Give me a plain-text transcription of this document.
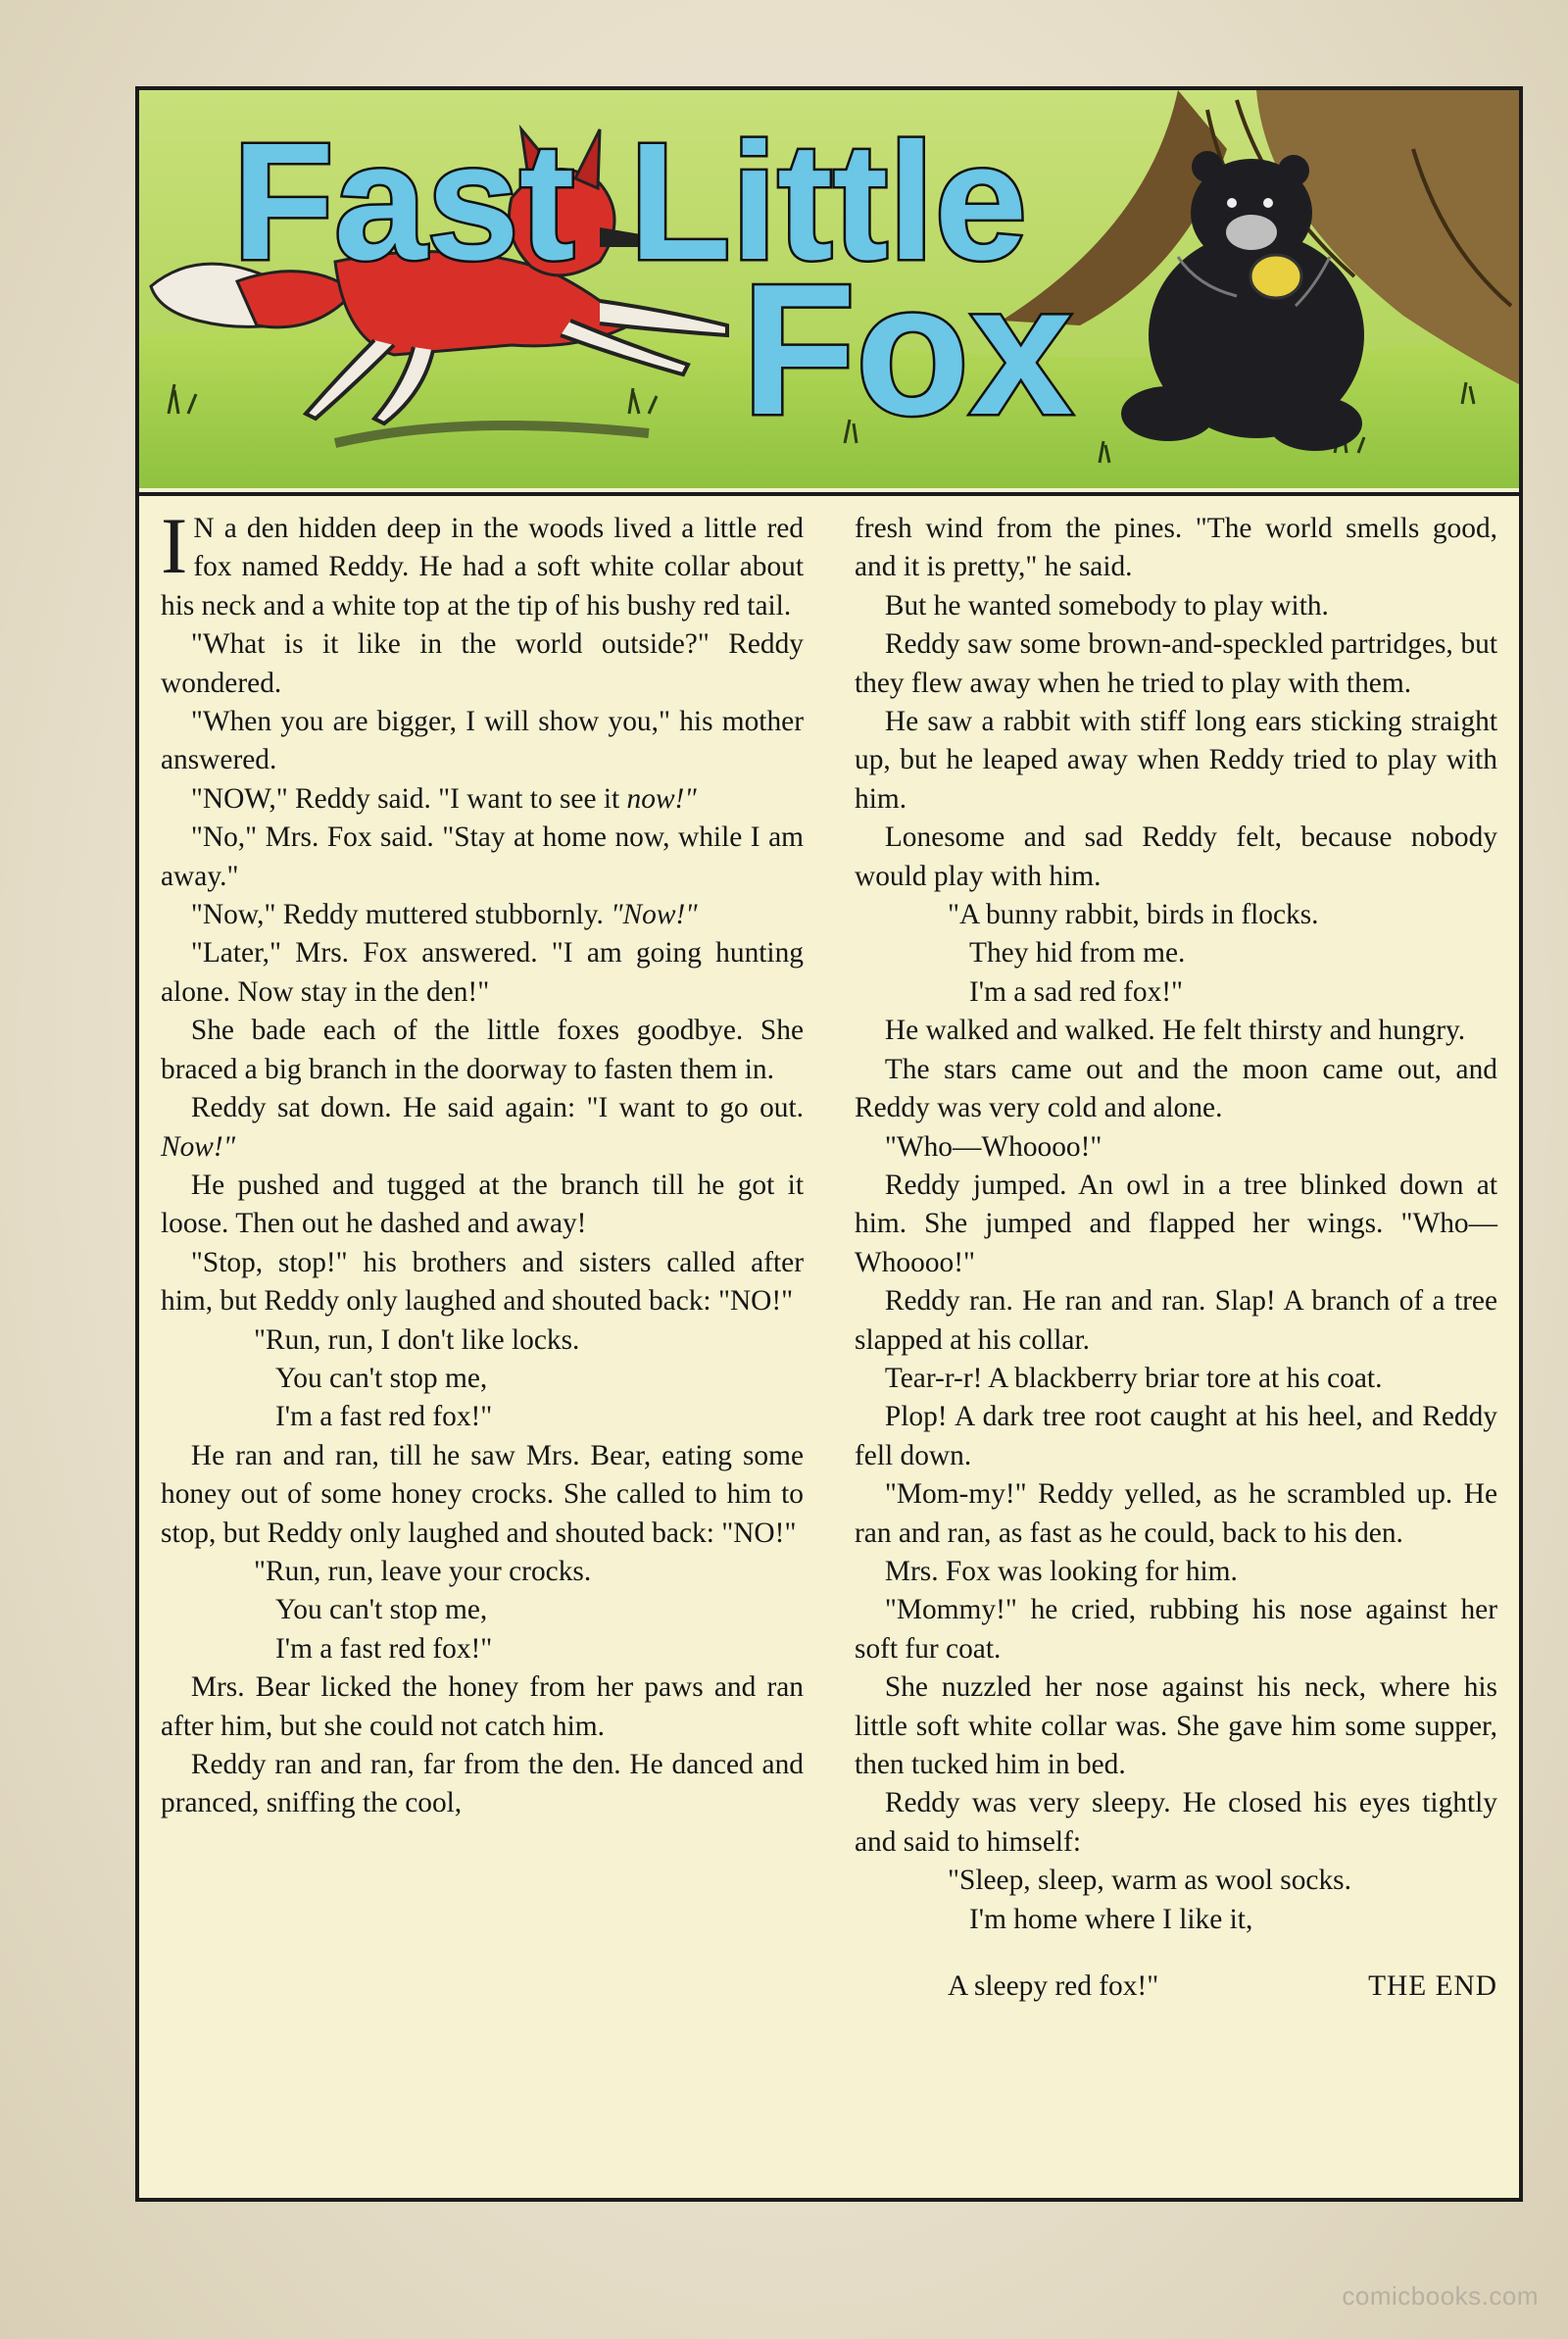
Fast Little
Fox

I N a den hidden deep in the woods lived a little red fox named Reddy. He had a soft white collar about his neck and a white top at the tip of his bushy red tail.

"What is it like in the world outside?" Reddy wondered.

"When you are bigger, I will show you," his mother answered.

"NOW," Reddy said. "I want to see it now!"

"No," Mrs. Fox said. "Stay at home now, while I am away."

"Now," Reddy muttered stubbornly. "Now!"

"Later," Mrs. Fox answered. "I am going hunting alone. Now stay in the den!"

She bade each of the little foxes goodbye. She braced a big branch in the doorway to fasten them in.

Reddy sat down. He said again: "I want to go out. Now!"

He pushed and tugged at the branch till he got it loose. Then out he dashed and away!

"Stop, stop!" his brothers and sisters called after him, but Reddy only laughed and shouted back: "NO!"

"Run, run, I don't like locks.
You can't stop me,
I'm a fast red fox!"

He ran and ran, till he saw Mrs. Bear, eating some honey out of some honey crocks. She called to him to stop, but Reddy only laughed and shouted back: "NO!"

"Run, run, leave your crocks.
You can't stop me,
I'm a fast red fox!"

Mrs. Bear licked the honey from her paws and ran after him, but she could not catch him.

Reddy ran and ran, far from the den. He danced and pranced, sniffing the cool,

fresh wind from the pines. "The world smells good, and it is pretty," he said.

But he wanted somebody to play with.

Reddy saw some brown-and-speckled partridges, but they flew away when he tried to play with them.

He saw a rabbit with stiff long ears sticking straight up, but he leaped away when Reddy tried to play with him.

Lonesome and sad Reddy felt, because nobody would play with him.

"A bunny rabbit, birds in flocks.
They hid from me.
I'm a sad red fox!"

He walked and walked. He felt thirsty and hungry.

The stars came out and the moon came out, and Reddy was very cold and alone.

"Who—Whoooo!"

Reddy jumped. An owl in a tree blinked down at him. She jumped and flapped her wings. "Who—Whoooo!"

Reddy ran. He ran and ran. Slap! A branch of a tree slapped at his collar.

Tear-r-r! A blackberry briar tore at his coat.

Plop! A dark tree root caught at his heel, and Reddy fell down.

"Mom-my!" Reddy yelled, as he scrambled up. He ran and ran, as fast as he could, back to his den.

Mrs. Fox was looking for him.

"Mommy!" he cried, rubbing his nose against her soft fur coat.

She nuzzled her nose against his neck, where his little soft white collar was. She gave him some supper, then tucked him in bed.

Reddy was very sleepy. He closed his eyes tightly and said to himself:

"Sleep, sleep, warm as wool socks.
I'm home where I like it,

A sleepy red fox!"	THE END

comicbooks.com
